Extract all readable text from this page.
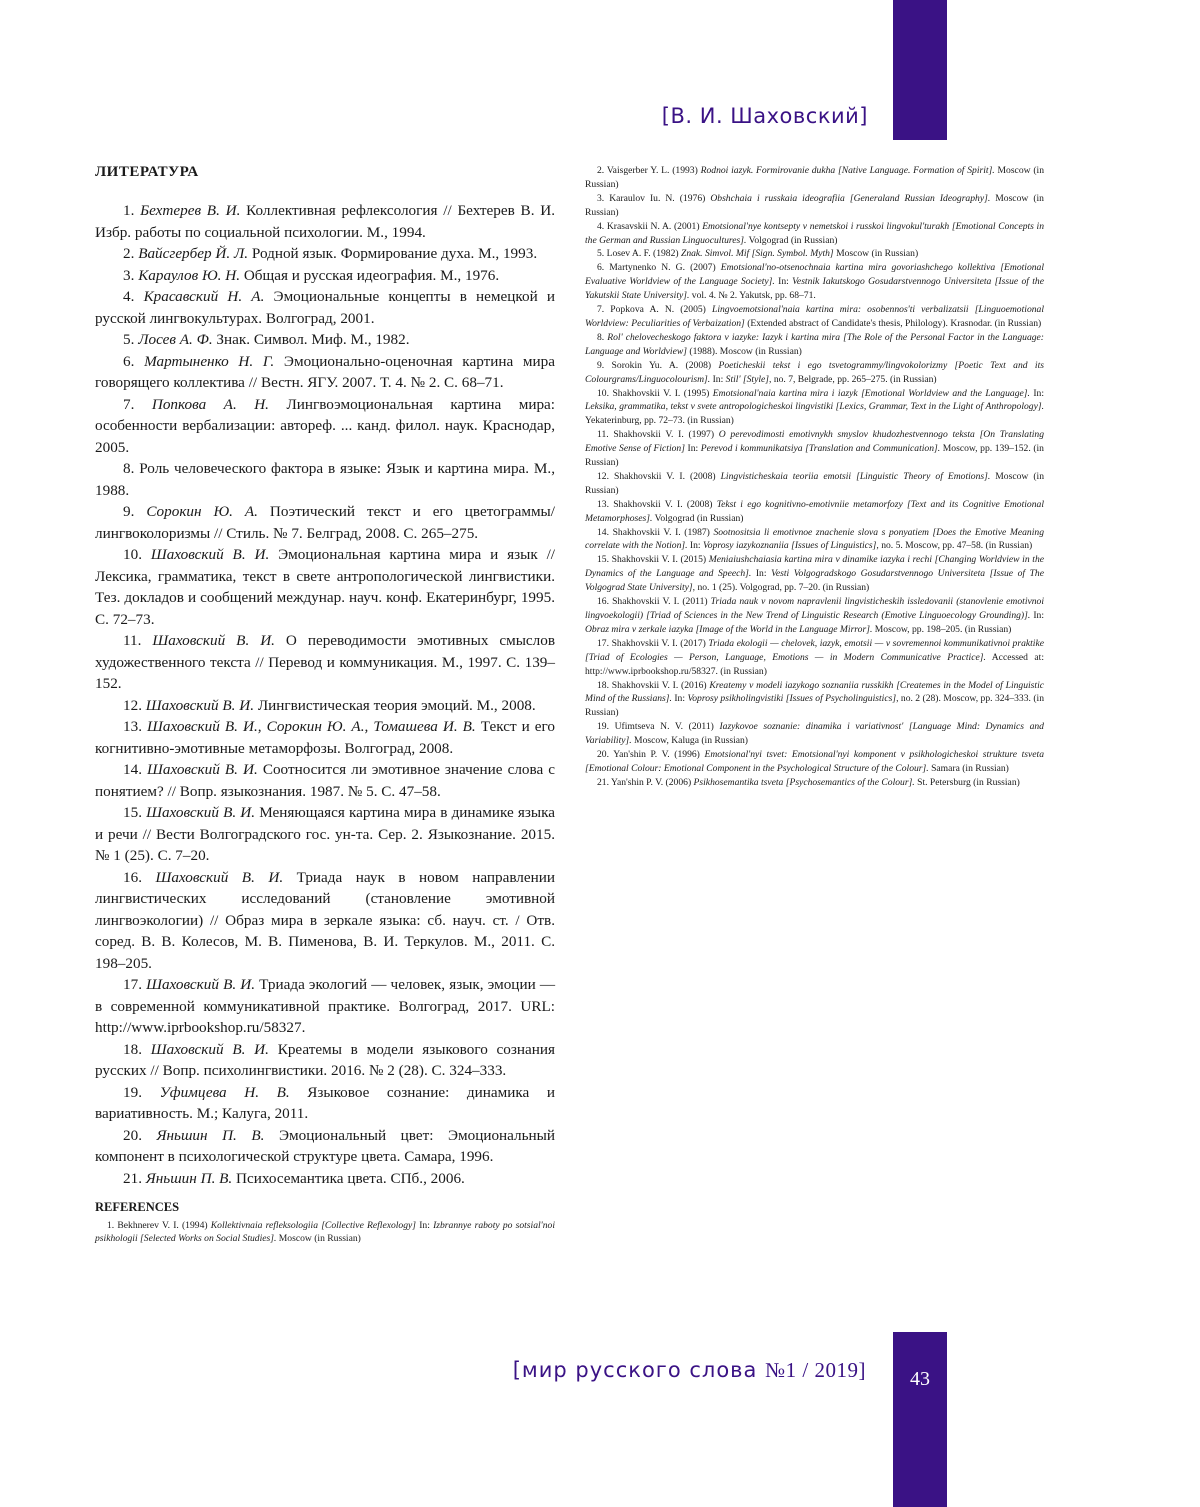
[В. И. Шаховский]
ЛИТЕРАТУРА

1. Бехтерев В. И. Коллективная рефлексология // Бехтерев В. И. Избр. работы по социальной психологии. М., 1994.

2. Вайсгербер Й. Л. Родной язык. Формирование духа. М., 1993.

3. Караулов Ю. Н. Общая и русская идеография. М., 1976.

4. Красавский Н. А. Эмоциональные концепты в немецкой и русской лингвокультурах. Волгоград, 2001.

5. Лосев А. Ф. Знак. Символ. Миф. М., 1982.

6. Мартыненко Н. Г. Эмоционально-оценочная картина мира говорящего коллектива // Вестн. ЯГУ. 2007. Т. 4. № 2. С. 68–71.

7. Попкова А. Н. Лингвоэмоциональная картина мира: особенности вербализации: автореф. ... канд. филол. наук. Краснодар, 2005.

8. Роль человеческого фактора в языке: Язык и картина мира. М., 1988.

9. Сорокин Ю. А. Поэтический текст и его цветограммы/лингвоколоризмы // Стиль. № 7. Белград, 2008. С. 265–275.

10. Шаховский В. И. Эмоциональная картина мира и язык // Лексика, грамматика, текст в свете антропологической лингвистики. Тез. докладов и сообщений междунар. науч. конф. Екатеринбург, 1995. С. 72–73.

11. Шаховский В. И. О переводимости эмотивных смыслов художественного текста // Перевод и коммуникация. М., 1997. С. 139–152.

12. Шаховский В. И. Лингвистическая теория эмоций. М., 2008.

13. Шаховский В. И., Сорокин Ю. А., Томашева И. В. Текст и его когнитивно-эмотивные метаморфозы. Волгоград, 2008.

14. Шаховский В. И. Соотносится ли эмотивное значение слова с понятием? // Вопр. языкознания. 1987. № 5. С. 47–58.

15. Шаховский В. И. Меняющаяся картина мира в динамике языка и речи // Вести Волгоградского гос. ун-та. Сер. 2. Языкознание. 2015. № 1 (25). С. 7–20.

16. Шаховский В. И. Триада наук в новом направлении лингвистических исследований (становление эмотивной лингвоэкологии) // Образ мира в зеркале языка: сб. науч. ст. / Отв. соред. В. В. Колесов, М. В. Пименова, В. И. Теркулов. М., 2011. С. 198–205.

17. Шаховский В. И. Триада экологий — человек, язык, эмоции — в современной коммуникативной практике. Волгоград, 2017. URL: http://www.iprbookshop.ru/58327.

18. Шаховский В. И. Креатемы в модели языкового сознания русских // Вопр. психолингвистики. 2016. № 2 (28). С. 324–333.

19. Уфимцева Н. В. Языковое сознание: динамика и вариативность. М.; Калуга, 2011.

20. Яньшин П. В. Эмоциональный цвет: Эмоциональный компонент в психологической структуре цвета. Самара, 1996.

21. Яньшин П. В. Психосемантика цвета. СПб., 2006.

REFERENCES

1. Bekhnerev V. I. (1994) Kollektivnaia refleksologiia [Collective Reflexology] In: Izbrannye raboty po sotsial'noi psikhologii [Selected Works on Social Studies]. Moscow (in Russian)

2. Vaisgerber Y. L. (1993) Rodnoi iazyk. Formirovanie dukha [Native Language. Formation of Spirit]. Moscow (in Russian)

3. Karaulov Iu. N. (1976) Obshchaia i russkaia ideografiia [Generaland Russian Ideography]. Moscow (in Russian)

4. Krasavskii N. A. (2001) Emotsional'nye kontsepty v nemetskoi i russkoi lingvokul'turakh [Emotional Concepts in the German and Russian Linguocultures]. Volgograd (in Russian)

5. Losev A. F. (1982) Znak. Simvol. Mif [Sign. Symbol. Myth] Moscow (in Russian)

6. Martynenko N. G. (2007) Emotsional'no-otsenochnaia kartina mira govoriashchego kollektiva [Emotional Evaluative Worldview of the Language Society]. In: Vestnik Iakutskogo Gosudarstvennogo Universiteta [Issue of the Yakutskii State University]. vol. 4. № 2. Yakutsk, pp. 68–71.

7. Popkova A. N. (2005) Lingvoemotsional'naia kartina mira: osobennos'ti verbalizatsii [Linguoemotional Worldview: Peculiarities of Verbaization] (Extended abstract of Candidate's thesis, Philology). Krasnodar. (in Russian)

8. Rol' chelovecheskogo faktora v iazyke: Iazyk i kartina mira [The Role of the Personal Factor in the Language: Language and Worldview] (1988). Moscow (in Russian)

9. Sorokin Yu. A. (2008) Poeticheskii tekst i ego tsvetogrammy/lingvokolorizmy [Poetic Text and its Colourgrams/Linguocolourism]. In: Stil' [Style], no. 7, Belgrade, pp. 265–275. (in Russian)

10. Shakhovskii V. I. (1995) Emotsional'naia kartina mira i iazyk [Emotional Worldview and the Language]. In: Leksika, grammatika, tekst v svete antropologicheskoi lingvistiki [Lexics, Grammar, Text in the Light of Anthropology]. Yekaterinburg, pp. 72–73. (in Russian)

11. Shakhovskii V. I. (1997) O perevodimosti emotivnykh smyslov khudozhestvennogo teksta [On Translating Emotive Sense of Fiction] In: Perevod i kommunikatsiya [Translation and Communication]. Moscow, pp. 139–152. (in Russian)

12. Shakhovskii V. I. (2008) Lingvisticheskaia teoriia emotsii [Linguistic Theory of Emotions]. Moscow (in Russian)

13. Shakhovskii V. I. (2008) Tekst i ego kognitivno-emotivniie metamorfozy [Text and its Cognitive Emotional Metamorphoses]. Volgograd (in Russian)

14. Shakhovskii V. I. (1987) Sootnositsia li emotivnoe znachenie slova s ponyatiem [Does the Emotive Meaning correlate with the Notion]. In: Voprosy iazykoznaniia [Issues of Linguistics], no. 5. Moscow, pp. 47–58. (in Russian)

15. Shakhovskii V. I. (2015) Meniaiushchaiasia kartina mira v dinamike iazyka i rechi [Changing Worldview in the Dynamics of the Language and Speech]. In: Vesti Volgogradskogo Gosudarstvennogo Universiteta [Issue of The Volgograd State University], no. 1 (25). Volgograd, pp. 7–20. (in Russian)

16. Shakhovskii V. I. (2011) Triada nauk v novom napravlenii lingvisticheskih issledovanii (stanovlenie emotivnoi lingvoekologii) [Triad of Sciences in the New Trend of Linguistic Research (Emotive Linguoecology Grounding)]. In: Obraz mira v zerkale iazyka [Image of the World in the Language Mirror]. Moscow, pp. 198–205. (in Russian)

17. Shakhovskii V. I. (2017) Triada ekologii — chelovek, iazyk, emotsii — v sovremennoi kommunikativnoi praktike [Triad of Ecologies — Person, Language, Emotions — in Modern Communicative Practice]. Accessed at: http://www.iprbookshop.ru/58327. (in Russian)

18. Shakhovskii V. I. (2016) Kreatemy v modeli iazykogo soznaniia russkikh [Createmes in the Model of Linguistic Mind of the Russians]. In: Voprosy psikholingvistiki [Issues of Psycholinguistics], no. 2 (28). Moscow, pp. 324–333. (in Russian)

19. Ufimtseva N. V. (2011) Iazykovoe soznanie: dinamika i variativnost' [Language Mind: Dynamics and Variability]. Moscow, Kaluga (in Russian)

20. Yan'shin P. V. (1996) Emotsional'nyi tsvet: Emotsional'nyi komponent v psikhologicheskoi strukture tsveta [Emotional Colour: Emotional Component in the Psychological Structure of the Colour]. Samara (in Russian)

21. Yan'shin P. V. (2006) Psikhosemantika tsveta [Psychosemantics of the Colour]. St. Petersburg (in Russian)

[мир русского слова №1 / 2019]	43
